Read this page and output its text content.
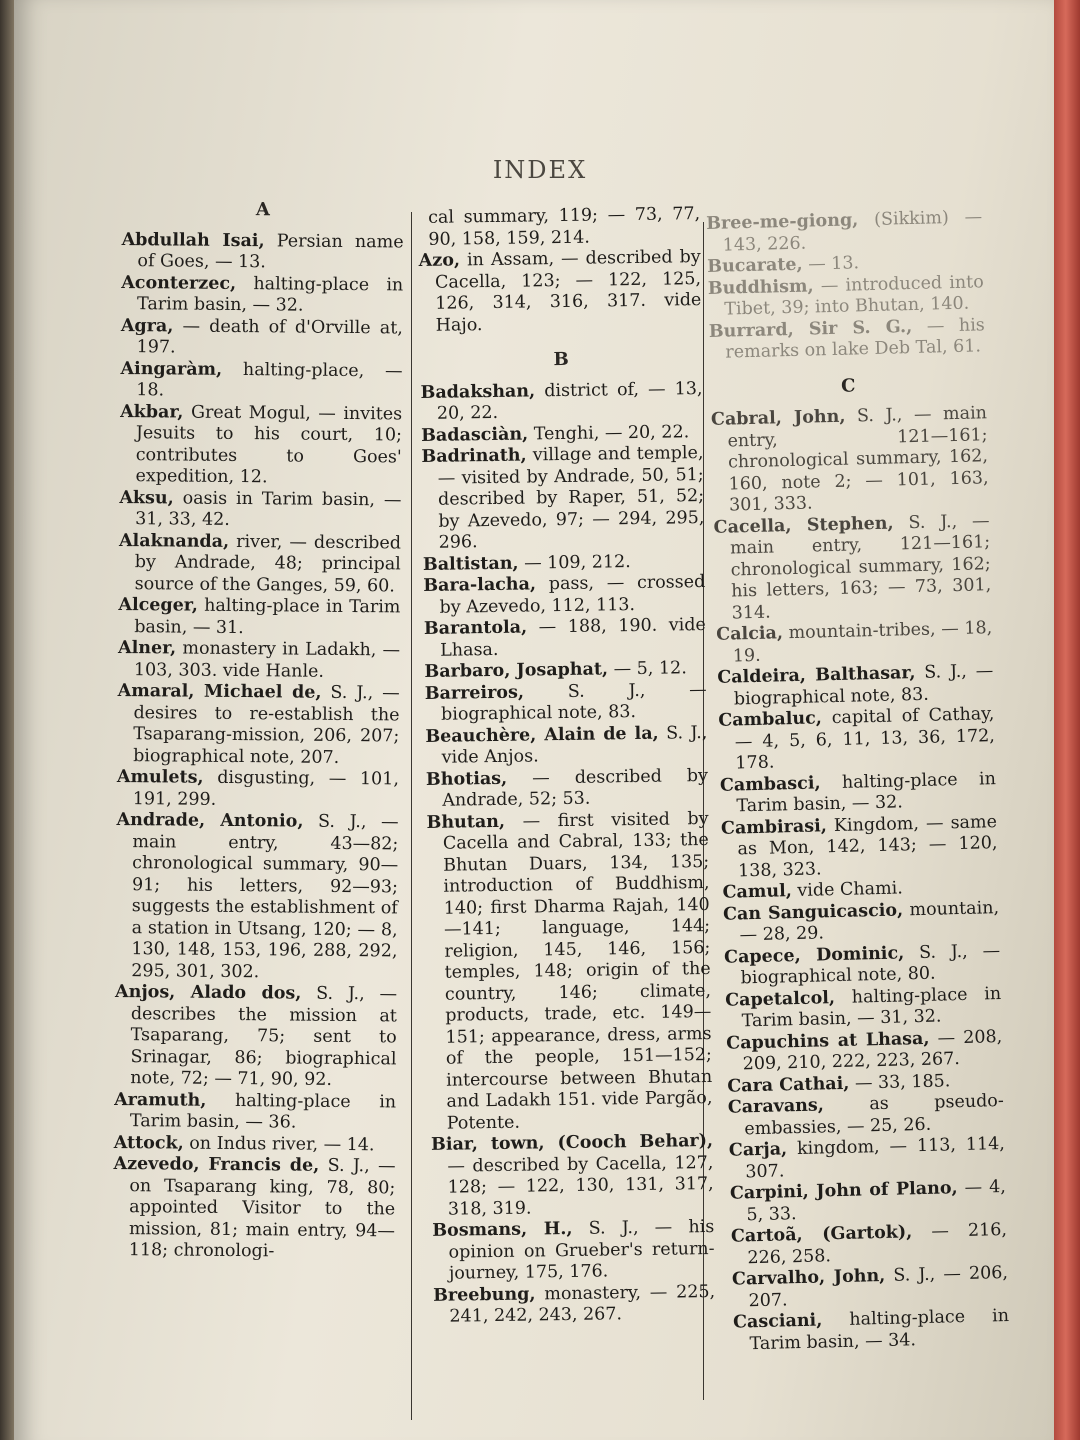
INDEX
A
Abdullah Isai, Persian name of Goes, — 13.
Aconterzec, halting-place in Tarim basin, — 32.
Agra, — death of d'Orville at, 197.
Aingaràm, halting-place, — 18.
Akbar, Great Mogul, — invites Jesuits to his court, 10; contributes to Goes' expedition, 12.
Aksu, oasis in Tarim basin, — 31, 33, 42.
Alaknanda, river, — described by Andrade, 48; principal source of the Ganges, 59, 60.
Alceger, halting-place in Tarim basin, — 31.
Alner, monastery in Ladakh, — 103, 303. vide Hanle.
Amaral, Michael de, S. J., —desires to re-establish the Tsaparang-mission, 206, 207; biographical note, 207.
Amulets, disgusting, — 101, 191, 299.
Andrade, Antonio, S. J., — main entry, 43—82; chronological summary, 90—91; his letters, 92—93; suggests the establishment of a station in Utsang, 120; — 8, 130, 148, 153, 196, 288, 292, 295, 301, 302.
Anjos, Alado dos, S. J., — describes the mission at Tsaparang, 75; sent to Srinagar, 86; biographical note, 72; — 71, 90, 92.
Aramuth, halting-place in Tarim basin, — 36.
Attock, on Indus river, — 14.
Azevedo, Francis de, S. J., — on Tsaparang king, 78, 80; appointed Visitor to the mission, 81; main entry, 94—118; chronologi-
cal summary, 119; — 73, 77, 90, 158, 159, 214.
Azo, in Assam, — described by Cacella, 123; — 122, 125, 126, 314, 316, 317. vide Hajo.
B
Badakshan, district of, — 13, 20, 22.
Badasciàn, Tenghi, — 20, 22.
Badrinath, village and temple, — visited by Andrade, 50, 51; described by Raper, 51, 52; by Azevedo, 97; — 294, 295, 296.
Baltistan, — 109, 212.
Bara-lacha, pass, — crossed by Azevedo, 112, 113.
Barantola, — 188, 190. vide Lhasa.
Barbaro, Josaphat, — 5, 12.
Barreiros, S. J., — biographical note, 83.
Beauchère, Alain de la, S. J., vide Anjos.
Bhotias, — described by Andrade, 52; 53.
Bhutan, — first visited by Cacella and Cabral, 133; the Bhutan Duars, 134, 135; introduction of Buddhism, 140; first Dharma Rajah, 140—141; language, 144; religion, 145, 146, 156; temples, 148; origin of the country, 146; climate, products, trade, etc. 149—151; appearance, dress, arms of the people, 151—152; intercourse between Bhutan and Ladakh 151. vide Pargão, Potente.
Biar, town, (Cooch Behar), — described by Cacella, 127, 128; — 122, 130, 131, 317, 318, 319.
Bosmans, H., S. J., — his opinion on Grueber's return-journey, 175, 176.
Breebung, monastery, — 225, 241, 242, 243, 267.
Bree-me-giong, (Sikkim) — 143, 226.
Bucarate, — 13.
Buddhism, — introduced into Tibet, 39; into Bhutan, 140.
Burrard, Sir S. G., — his remarks on lake Deb Tal, 61.
C
Cabral, John, S. J., — main entry, 121—161; chronological summary, 162, 160, note 2; — 101, 163, 301, 333.
Cacella, Stephen, S. J., — main entry, 121—161; chronological summary, 162; his letters, 163; — 73, 301, 314.
Calcia, mountain-tribes, — 18, 19.
Caldeira, Balthasar, S. J., — biographical note, 83.
Cambaluc, capital of Cathay, — 4, 5, 6, 11, 13, 36, 172, 178.
Cambasci, halting-place in Tarim basin, — 32.
Cambirasi, Kingdom, — same as Mon, 142, 143; — 120, 138, 323.
Camul, vide Chami.
Can Sanguicascio, mountain, — 28, 29.
Capece, Dominic, S. J., — biographical note, 80.
Capetalcol, halting-place in Tarim basin, — 31, 32.
Capuchins at Lhasa, — 208, 209, 210, 222, 223, 267.
Cara Cathai, — 33, 185.
Caravans,	as pseudo-embassies, — 25, 26.
Carja, kingdom, — 113, 114, 307.
Carpini, John of Plano, — 4, 5, 33.
Cartoã, (Gartok), — 216, 226, 258.
Carvalho, John, S. J., — 206, 207.
Casciani, halting-place in Tarim basin, — 34.
